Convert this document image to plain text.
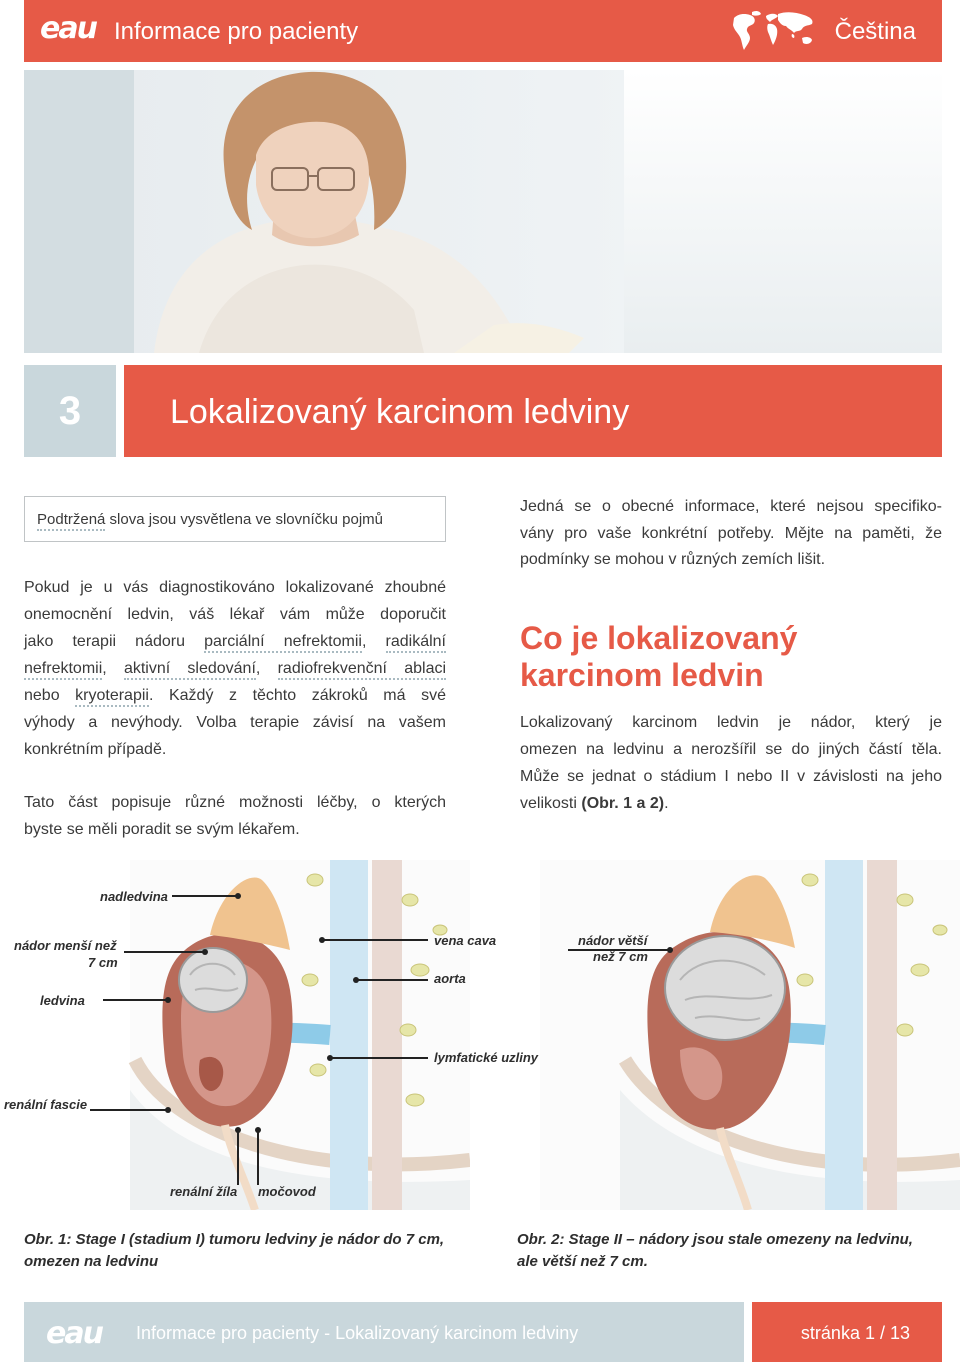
eau Informace pro pacienty	Čeština
3	Lokalizovaný karcinom ledviny

Podtržená slova jsou vysvětlena ve slovníčku pojmů

Pokud je u vás diagnostikováno lokalizované zhoubné
onemocnění ledvin, váš lékař vám může doporučit
jako terapii nádoru parciální nefrektomii, radikální
nefrektomii, aktivní sledování, radiofrekvenční ablaci
nebo kryoterapii. Každý z těchto zákroků má své
výhody a nevýhody. Volba terapie závisí na vašem
konkrétním případě.
Tato část popisuje různé možnosti léčby, o kterých
byste se měli poradit se svým lékařem.
Jedná se o obecné informace, které nejsou specifiko-
vány pro vaše konkrétní potřeby. Mějte na paměti, že
podmínky se mohou v různých zemích lišit.
Co je lokalizovaný
karcinom ledvin
Lokalizovaný karcinom ledvin je nádor, který je
omezen na ledvinu a nerozšířil se do jiných částí těla.
Může se jednat o stádium I nebo II v závislosti na jeho
velikosti (Obr. 1 a 2).
nadledvina
nádor menší než
7 cm
ledvina
vena cava
aorta
lymfatické uzliny
renální fascie
renální žíla močovod
nádor větší
než 7 cm
Obr. 1: Stage I (stadium I) tumoru ledviny je nádor do 7 cm, omezen na ledvinu
Obr. 2: Stage II – nádory jsou stale omezeny na ledvinu, ale větší než 7 cm.
eau Informace pro pacienty - Lokalizovaný karcinom ledviny	stránka 1 / 13
